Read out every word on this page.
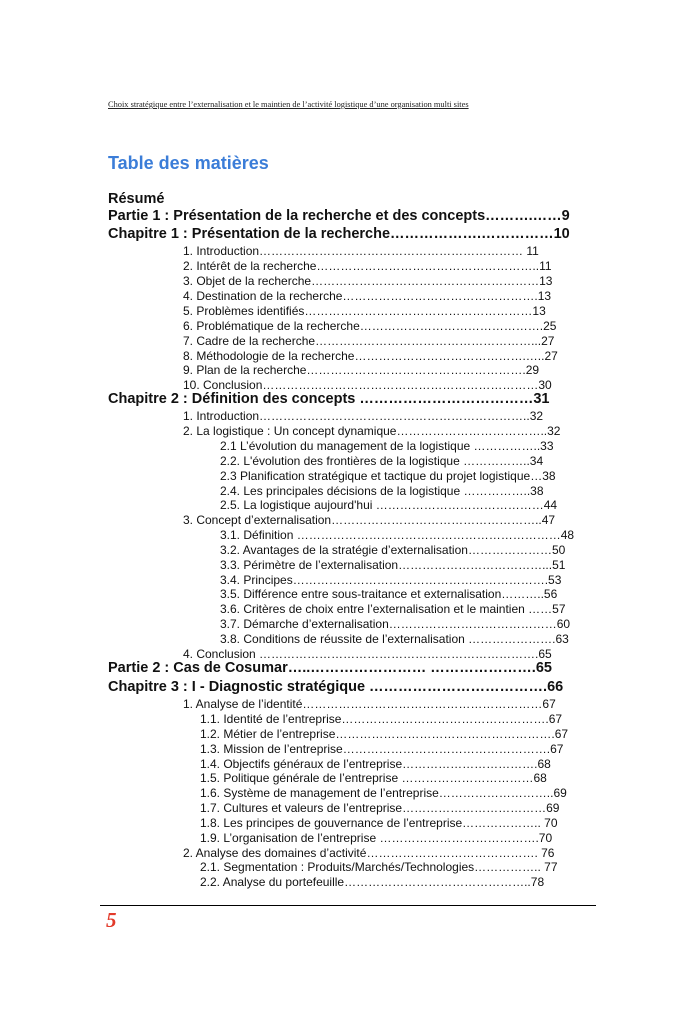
Choix stratégique entre l’externalisation et le maintien de l’activité logistique d’une organisation multi sites
Table des matières
Résumé
Partie 1 : Présentation de la recherche et des concepts……….……9
Chapitre 1 : Présentation de la recherche……………….……………10
1. Introduction………………………………………………………… 11
2. Intérêt de la recherche………………………………………………..11
3. Objet de la recherche…………………………………………………13
4. Destination de la recherche………………………………………….13
5. Problèmes identifiés…………………………………………………13
6. Problématique de la recherche……………………………………….25
7. Cadre de la recherche………………………………………………...27
8. Méthodologie de la recherche…………………………………….…..27
9. Plan de la recherche……………………………………………….29
10. Conclusion……………………………………………………………30
Chapitre 2 : Définition des concepts ………………………………31
1. Introduction…………………………………………………………..32
2. La logistique : Un concept dynamique………………………………..32
2.1 L’évolution du management de la logistique ……………..33
2.2. L'évolution des frontières de la logistique ……………..34
2.3 Planification stratégique et tactique du projet logistique…38
2.4. Les principales décisions de la logistique ……………..38
2.5. La logistique aujourd'hui ……………………………………44
3. Concept d’externalisation……………………………………………..47
3.1. Définition …………………………………………………………48
3.2. Avantages de la stratégie d’externalisation…………………50
3.3. Périmètre de l’externalisation………………………………...51
3.4. Principes……………………………………………………….53
3.5. Différence entre sous-traitance et externalisation………..56
3.6. Critères de choix entre l’externalisation et le maintien ……57
3.7. Démarche d’externalisation……………………………………60
3.8. Conditions de réussite de l’externalisation ………………….63
4. Conclusion …………………………………………………………….65
Partie 2 : Cas de Cosumar…..…………………… ………………….65
Chapitre 3 : I - Diagnostic stratégique ……………………………….66
1. Analyse de l’identité……………………………………………………67
1.1. Identité de l’entreprise…………………………………………….67
1.2. Métier de l’entreprise……………………………………………….67
1.3. Mission de l’entreprise…………………………………………….67
1.4. Objectifs généraux de l’entreprise…………………………….68
1.5. Politique générale de l’entreprise ……………………………68
1.6. Système de management de l’entreprise………………………..69
1.7. Cultures et valeurs de l’entreprise………………………………69
1.8. Les principes de gouvernance de l’entreprise……………….. 70
1.9. L’organisation de l’entreprise ………………………………….70
2. Analyse des domaines d’activité……………………………………. 76
2.1. Segmentation : Produits/Marchés/Technologies…………….. 77
2.2. Analyse du portefeuille………………………………………..78
5
